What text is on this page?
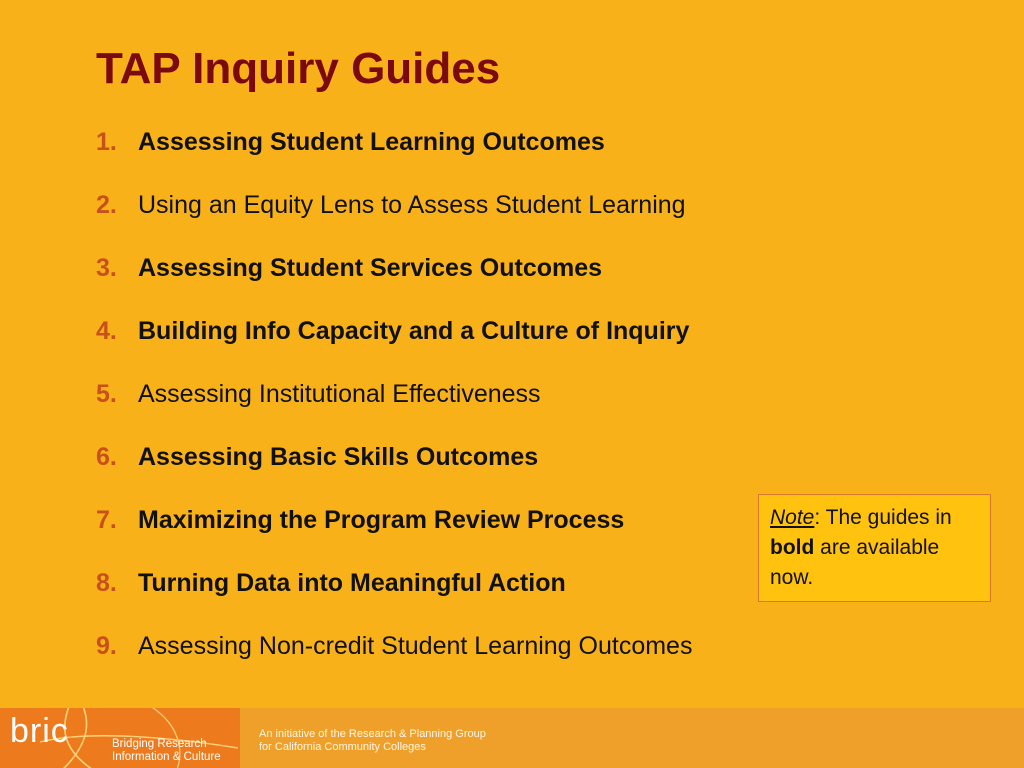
TAP Inquiry Guides
1. Assessing Student Learning Outcomes
2. Using an Equity Lens to Assess Student Learning
3. Assessing Student Services Outcomes
4. Building Info Capacity and a Culture of Inquiry
5. Assessing Institutional Effectiveness
6. Assessing Basic Skills Outcomes
7. Maximizing the Program Review Process
8. Turning Data into Meaningful Action
9. Assessing Non-credit Student Learning Outcomes
Note: The guides in bold are available now.
bric	Bridging Research
Information & Culture
An initiative of the Research & Planning Group
for California Community Colleges
